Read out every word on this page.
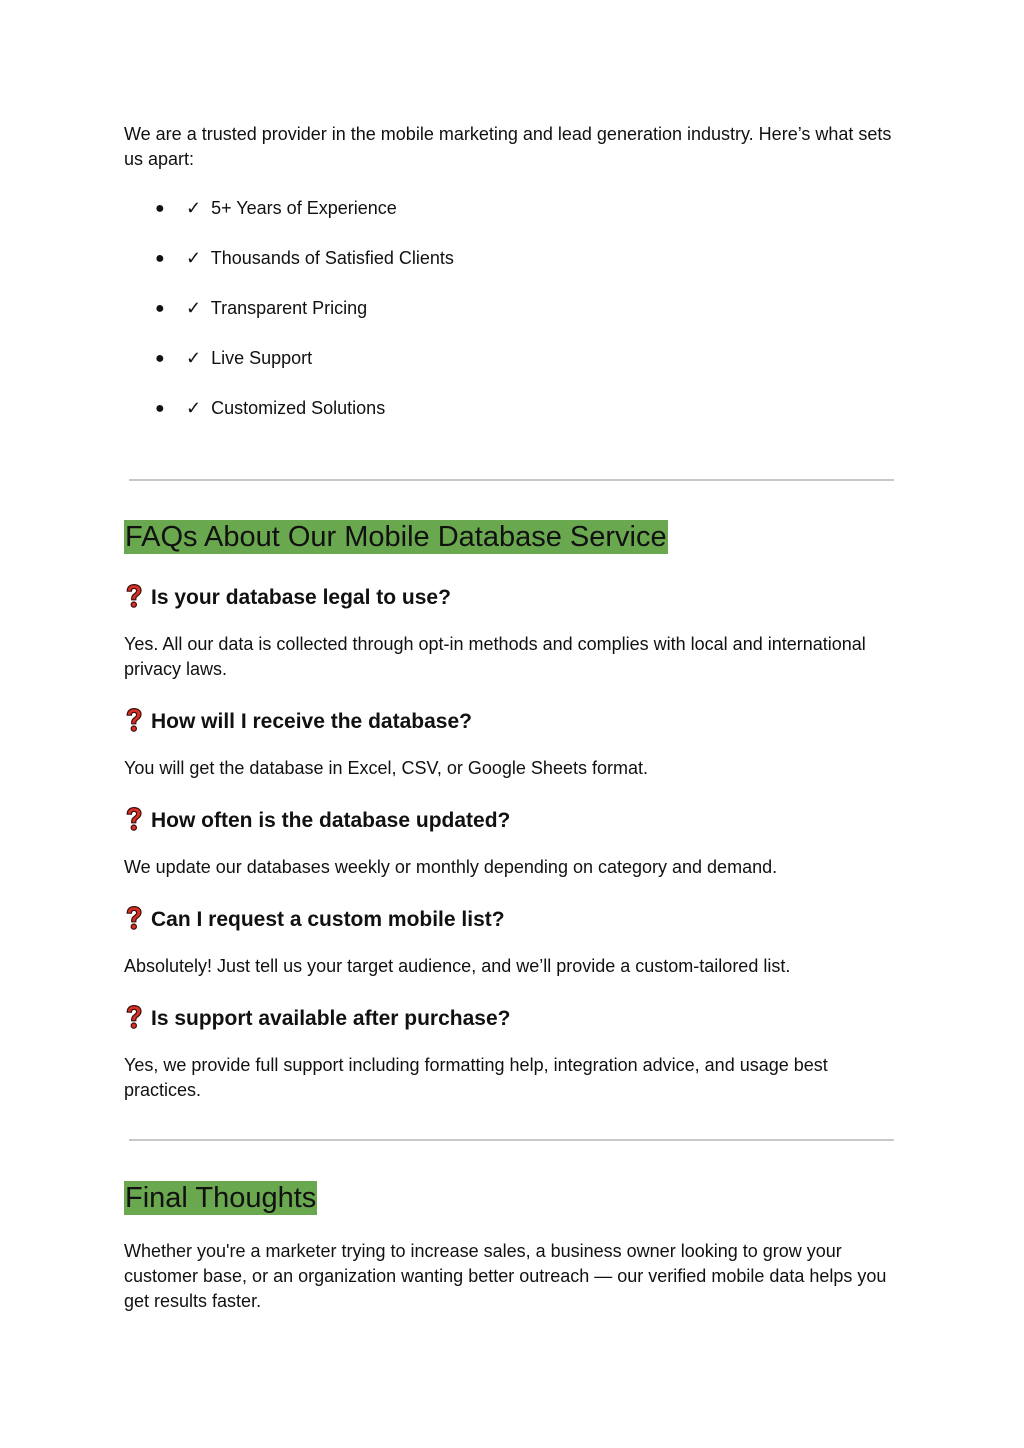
We are a trusted provider in the mobile marketing and lead generation industry. Here’s what sets us apart:

● ✓ 5+ Years of Experience
● ✓ Thousands of Satisfied Clients
● ✓ Transparent Pricing
● ✓ Live Support
● ✓ Customized Solutions
FAQs About Our Mobile Database Service
Is your database legal to use?

Yes. All our data is collected through opt-in methods and complies with local and international privacy laws.

How will I receive the database?

You will get the database in Excel, CSV, or Google Sheets format.

How often is the database updated?

We update our databases weekly or monthly depending on category and demand.

Can I request a custom mobile list?

Absolutely! Just tell us your target audience, and we’ll provide a custom-tailored list.

Is support available after purchase?

Yes, we provide full support including formatting help, integration advice, and usage best practices.

Final Thoughts

Whether you're a marketer trying to increase sales, a business owner looking to grow your customer base, or an organization wanting better outreach — our verified mobile data helps you get results faster.
